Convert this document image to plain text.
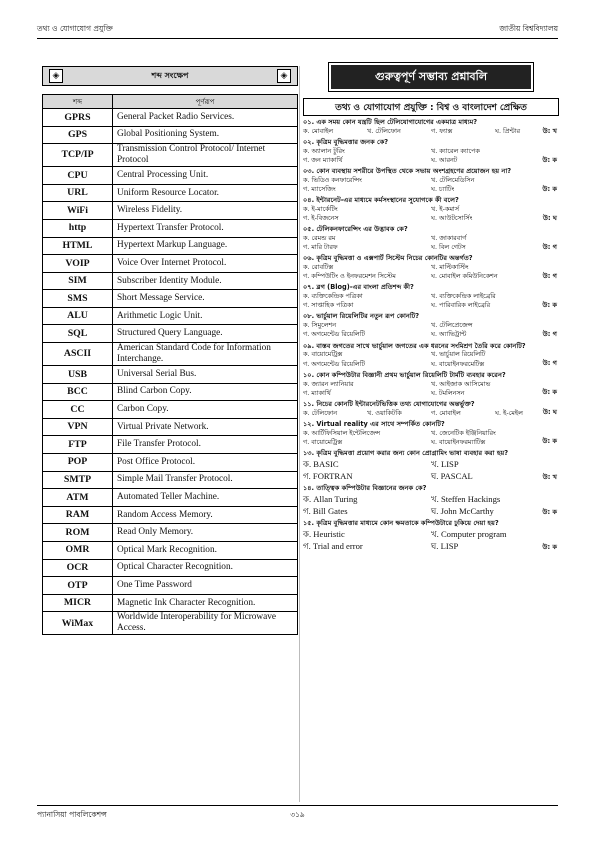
তথ্য ও যোগাযোগ প্রযুক্তি	জাতীয় বিশ্ববিদ্যালয়
◈	শব্দ সংক্ষেপ	◈
শব্দ	পূর্ণরূপ
GPRS	General Packet Radio Services.
GPS	Global Positioning System.
TCP/IP	Transmission Control Protocol/ Internet Protocol
CPU	Central Processing Unit.
URL	Uniform Resource Locator.
WiFi	Wireless Fidelity.
http	Hypertext Transfer Protocol.
HTML	Hypertext Markup Language.
VOIP	Voice Over Internet Protocol.
SIM	Subscriber Identity Module.
SMS	Short Message Service.
ALU	Arithmetic Logic Unit.
SQL	Structured Query Language.
ASCII	American Standard Code for Information Interchange.
USB	Universal Serial Bus.
BCC	Blind Carbon Copy.
CC	Carbon Copy.
VPN	Virtual Private Network.
FTP	File Transfer Protocol.
POP	Post Office Protocol.
SMTP	Simple Mail Transfer Protocol.
ATM	Automated Teller Machine.
RAM	Random Access Memory.
ROM	Read Only Memory.
OMR	Optical Mark Recognition.
OCR	Optical Character Recognition.
OTP	One Time Password
MICR	Magnetic Ink Character Recognition.
WiMax	Worldwide Interoperability for Microwave Access.
গুরুত্বপূর্ণ সম্ভাব্য প্রশ্নাবলি
তথ্য ও যোগাযোগ প্রযুক্তি : বিশ্ব ও বাংলাদেশ প্রেক্ষিত
০১. এক সময় কোন যন্ত্রটি ছিল টেলিযোগাযোগের একমাত্র মাধ্যম?
ক. মোবাইল	খ. টেলিফোন	গ. ফ্যাক্স	ঘ. প্রিন্টার	উ: খ
০২. কৃত্রিম বুদ্ধিমত্তার জনক কে?
ক. অ্যালান টুরিং	খ. ক্যারেল ক্যাপেক
গ. জন ম্যাকার্থি	ঘ. আরনট	উ: ক
০৩. কোন ব্যবস্থায় সশরীরে উপস্থিত থেকে সভায় অংশগ্রহণের প্রয়োজন হয় না?
ক. ভিডিও কনফারেন্সিং	খ. টেলিমেডিসিন
গ. ম্যাসেজিং	ঘ. চ্যাটিং	উ: ক
০৪. ইন্টারনেট-এর মাধ্যমে কর্মসংস্থানের সুযোগকে কী বলে?
ক. ই-মার্কেটিং	খ. ই-কমার্স
গ. ই-বিজনেস	ঘ. আউটসোর্সিং	উ: ঘ
০৫. টেলিকনফারেন্সিং এর উদ্ভাবক কে?
ক. রেমন্ড রম	খ. জাকারবার্গ
গ. মারি টারফ	ঘ. বিল গেটস	উ: গ
০৬. কৃত্রিম বুদ্ধিমত্তা ও এক্সপার্ট সিস্টেম নিচের কোনটির অন্তর্গত?
ক. রোবটিক্স	খ. মাল্টিকাস্টিং
গ. কম্পিউটিং ও ইনফরমেশন সিস্টেম	ঘ. মোবাইল কমিউনিকেশন	উ: গ
০৭. ব্লগ (Blog)-এর বাংলা প্রতিশব্দ কী?
ক. ব্যক্তিকেন্দ্রিক পত্রিকা	খ. ব্যক্তিকেন্দ্রিক লাইব্রেরি
গ. সাপ্তাহিক পত্রিকা	ঘ. পারিবারিক লাইব্রেরি	উ: ক
০৮. ভার্চুয়াল রিয়েলিটির নতুন রূপ কোনটি?
ক. সিমুলেশন	খ. টেলিপ্রেজেন্স
গ. অগমেন্টেড রিয়েলিটি	ঘ. অ্যাভিট্রান্ট	উ: গ
০৯. বাস্তব জগতের সাথে ভার্চুয়াল জগতের এক ধরনের সংমিশ্রণ তৈরি করে কোনটি?
ক. বায়োমেট্রিক্স	খ. ভার্চুয়াল রিয়েলিটি
গ. অগমেন্টেড রিয়েলিটি	ঘ. বায়োইনফরমেটিক্স	উ: গ
১০. কোন কম্পিউটার বিজ্ঞানী প্রথম ভার্চুয়াল রিয়েলিটি টার্মটি ব্যবহার করেন?
ক. জ্যারন ল্যানিয়ার	খ. আইজাক আসিমোভ
গ. ম্যাকার্থি	ঘ. টমলিনসন	উ: ক
১১. নিচের কোনটি ইন্টারনেটভিত্তিক তথ্য যোগাযোগের অন্তর্ভুক্ত?
ক. টেলিফোন	খ. ওয়াকিটকি	গ. মোবাইল	ঘ. ই-মেইল	উ: ঘ
১২. Virtual reality এর সাথে সম্পর্কিত কোনটি?
ক. আর্টিফিসিয়াল ইন্টেলিজেন্স	খ. জেনেটিক ইঞ্জিনিয়ারিং
গ. বায়োমেট্রিক্স	ঘ. বায়োইনফরম্যাটিক্স	উ: ক
১৩. কৃত্রিম বুদ্ধিমত্তা প্রয়োগ করার জন্য কোন প্রোগ্রামিং ভাষা ব্যবহার করা হয়?
ক. BASIC	খ. LISP
গ. FORTRAN	ঘ. PASCAL	উ: খ
১৪. তাত্ত্বিক কম্পিউটার বিজ্ঞানের জনক কে?
ক. Allan Turing	খ. Steffen Hackings
গ. Bill Gates	ঘ. John McCarthy	উ: ক
১৫. কৃত্রিম বুদ্ধিমত্তার মাধ্যমে কোন ক্ষমতাকে কম্পিউটারে ঢুকিয়ে দেয়া হয়?
ক. Heuristic	খ. Computer program
গ. Trial and error	ঘ. LISP	উ: ক
প্যানাসিয়া পাবলিকেশন্স	৩১৯
